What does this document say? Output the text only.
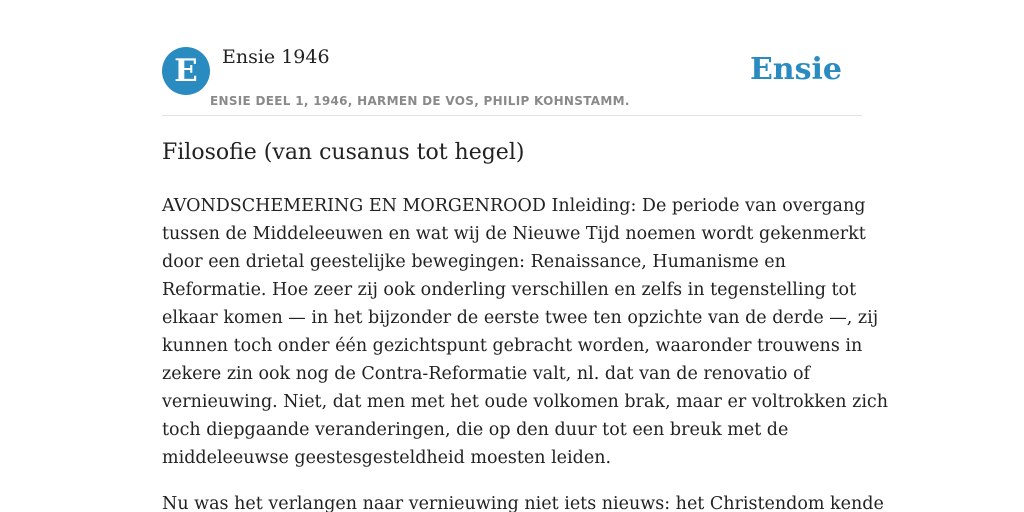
E	Ensie 1946
ENSIE DEEL 1, 1946, HARMEN DE VOS, PHILIP KOHNSTAMM.
Ensie
Filosofie (van cusanus tot hegel)

AVONDSCHEMERING EN MORGENROOD Inleiding: De periode van overgang
tussen de Middeleeuwen en wat wij de Nieuwe Tijd noemen wordt gekenmerkt
door een drietal geestelijke bewegingen: Renaissance, Humanisme en
Reformatie. Hoe zeer zij ook onderling verschillen en zelfs in tegenstelling tot
elkaar komen — in het bijzonder de eerste twee ten opzichte van de derde —, zij
kunnen toch onder één gezichtspunt gebracht worden, waaronder trouwens in
zekere zin ook nog de Contra-Reformatie valt, nl. dat van de renovatio of
vernieuwing. Niet, dat men met het oude volkomen brak, maar er voltrokken zich
toch diepgaande veranderingen, die op den duur tot een breuk met de
middeleeuwse geestesgesteldheid moesten leiden.

Nu was het verlangen naar vernieuwing niet iets nieuws: het Christendom kende
